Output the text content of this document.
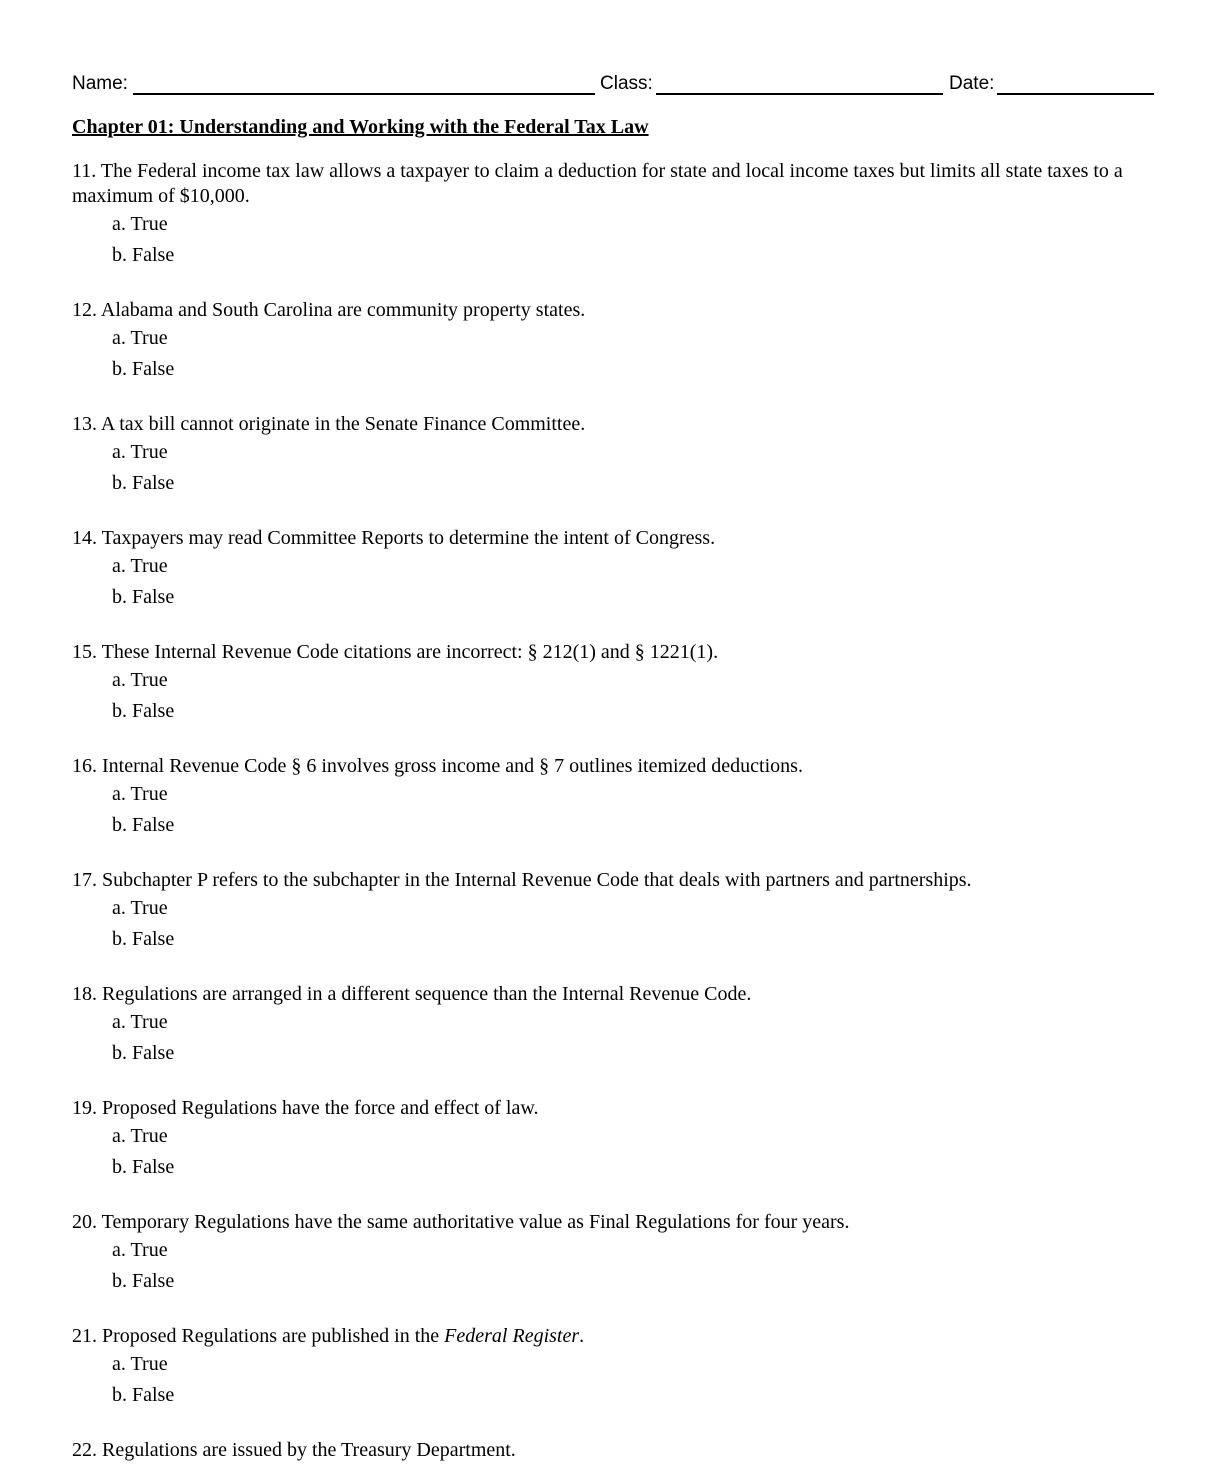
Name:	Class:	Date:
Chapter 01: Understanding and Working with the Federal Tax Law

11. The Federal income tax law allows a taxpayer to claim a deduction for state and local income taxes but limits all state taxes to a maximum of $10,000.

a. True
b. False

12. Alabama and South Carolina are community property states.

a. True
b. False

13. A tax bill cannot originate in the Senate Finance Committee.

a. True
b. False

14. Taxpayers may read Committee Reports to determine the intent of Congress.

a. True
b. False

15. These Internal Revenue Code citations are incorrect: § 212(1) and § 1221(1).

a. True
b. False

16. Internal Revenue Code § 6 involves gross income and § 7 outlines itemized deductions.

a. True
b. False

17. Subchapter P refers to the subchapter in the Internal Revenue Code that deals with partners and partnerships.

a. True
b. False

18. Regulations are arranged in a different sequence than the Internal Revenue Code.

a. True
b. False

19. Proposed Regulations have the force and effect of law.

a. True
b. False

20. Temporary Regulations have the same authoritative value as Final Regulations for four years.

a. True
b. False

21. Proposed Regulations are published in the Federal Register.

a. True
b. False

22. Regulations are issued by the Treasury Department.
